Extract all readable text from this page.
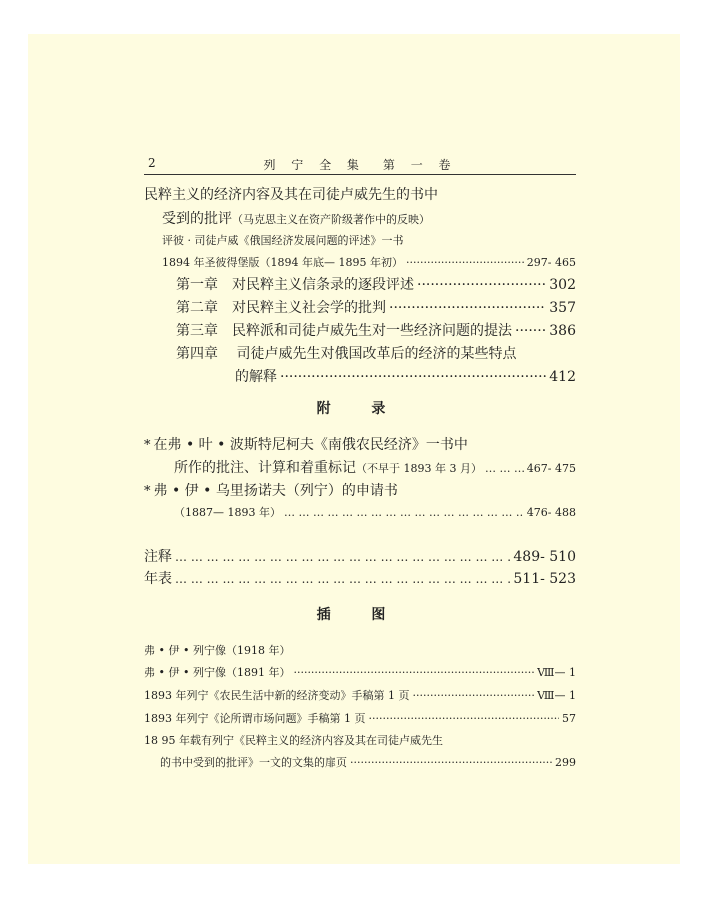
2	列 宁 全 集　第 一 卷
民粹主义的经济内容及其在司徒卢威先生的书中
受到的批评（马克思主义在资产阶级著作中的反映）
评彼 · 司徒卢威《俄国经济发展问题的评述》一书
1894 年圣彼得堡版（1894 年底— 1895 年初） ·····	297- 465
第一章 对民粹主义信条录的逐段评述 ·····	302
第二章 对民粹主义社会学的批判 ·····	357
第三章 民粹派和司徒卢威先生对一些经济问题的提法 ·····	386
第四章 司徒卢威先生对俄国改革后的经济的某些特点
的解释 ·····	412
附 录
* 在弗 • 叶 • 波斯特尼柯夫《南俄农民经济》一书中
所作的批注、计算和着重标记 （不早于 1893 年 3 月） … … … … … … … … … … … … … … … … … … … … … … … … … … … … … … … … … … … … … … … … … … … … … … … … … … … … … … … … …	467- 475
* 弗 • 伊 • 乌里扬诺夫（列宁）的申请书
（1887— 1893 年） … … … … … … … … … … … … … … … … … … … … … … … … … … … … … … … … … … … … … … … … … … … … … … … … … … … … … … … … …	476- 488
注释 … … … … … … … … … … … … … … … … … … … … … … … … … … … … … … … … … … … … … … … … … … … … … … … … … … … … … … … … …	489- 510
年表 … … … … … … … … … … … … … … … … … … … … … … … … … … … … … … … … … … … … … … … … … … … … … … … … … … … … … … … … …	511- 523
插 图
弗 • 伊 • 列宁像（1918 年）
弗 • 伊 • 列宁像（1891 年） ·····	Ⅷ— 1
1893 年列宁《农民生活中新的经济变动》手稿第 1 页 ·····	Ⅷ— 1
1893 年列宁《论所谓市场问题》手稿第 1 页 ·····	57
18 95 年载有列宁《民粹主义的经济内容及其在司徒卢威先生
的书中受到的批评》一文的文集的扉页 ·····	299
